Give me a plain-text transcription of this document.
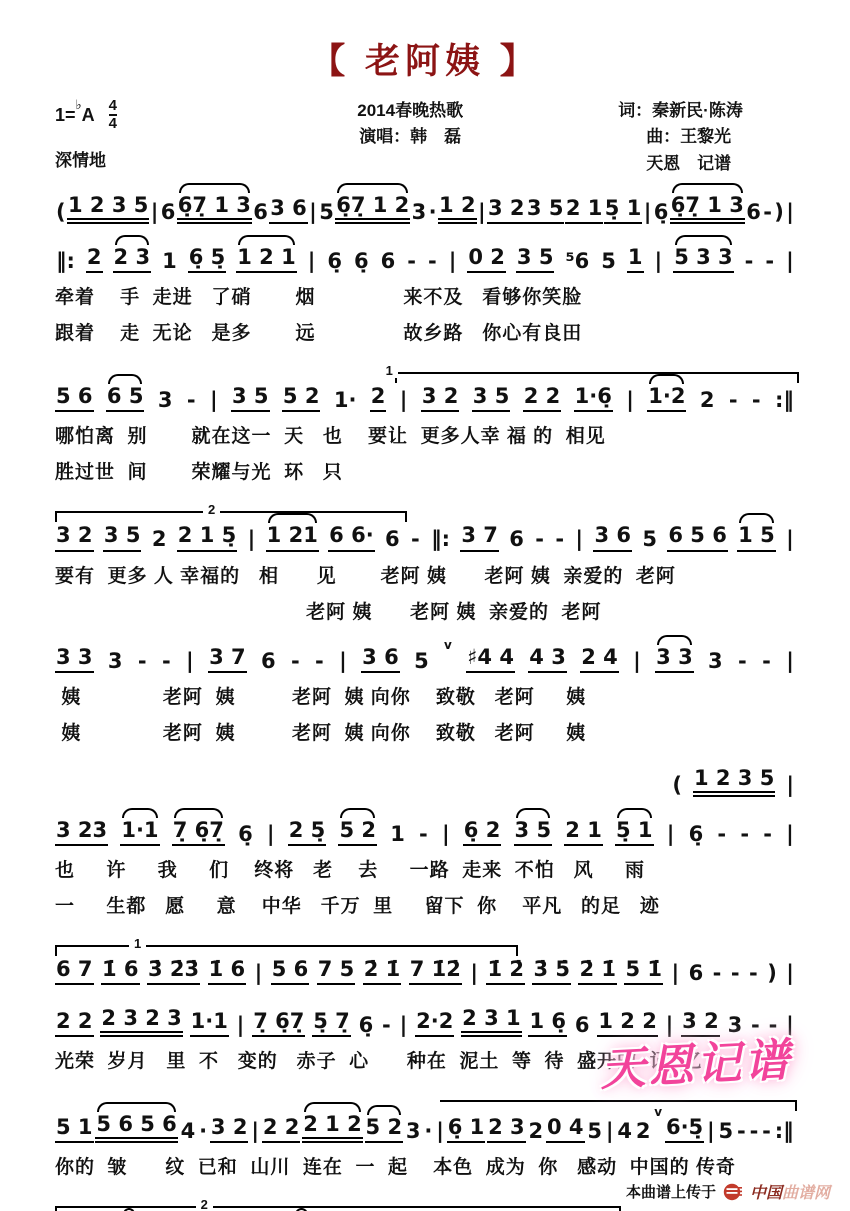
【 老阿姨 】
1=♭A 4
4
深情地
2014春晚热歌
演唱：韩　磊
词：秦新民·陈涛
曲：王黎光
天恩　记谱
( 1 2 3 5 | 6 6̣7̣ 1 3 6 3 6 | 5 6̣7̣ 1 2 3 · 1 2 | 3 2 3 5 2 1 5̣ 1 | 6̣ 6̣7̣ 1 3 6 - ) |
‖: 2 2 3 1 6̣ 5̣ 1 2 1 | 6̣ 6̣ 6 - - | 0 2 3 5 ⁵6 5 1 | 5 3 3 - - |
牵着    手  走进   了硝       烟              来不及   看够你笑脸
跟着    走  无论   是多       远              故乡路   你心有良田
1
5 6 6 5 3 - | 3 5 5 2 1· 2 | 3 2 3 5 2 2 1·6̣ | 1·2 2 - - :‖
哪怕离  别       就在这一  天   也    要让  更多人幸 福 的  相见
胜过世  间       荣耀与光  环   只
2
3 2 3 5 2 2 1 5̣ | 1 21 6 6· 6 - ‖: 3 7 6 - - | 3 6 5 6 5 6 1 5 |
要有  更多 人 幸福的   相      见       老阿 姨      老阿 姨  亲爱的  老阿
老阿 姨      老阿 姨  亲爱的  老阿
3 3 3 - - | 3 7 6 - - | 3 6 5
v ♯4 4 4 3 2 4 | 3 3 3 - - |
姨             老阿  姨         老阿  姨 向你    致敬   老阿     姨
姨             老阿  姨         老阿  姨 向你    致敬   老阿     姨
( 1 2 3 5 |
3 23 1·1 7̣ 6̣7̣ 6̣ | 2 5̣ 5 2 1 - | 6̣ 2 3 5 2 1 5̣ 1 | 6̣ - - - |
也     许     我     们    终将   老    去     一路  走来  不怕   风     雨
一     生都   愿     意    中华   千万  里     留下  你    平凡   的足   迹
1
6 7 1̇ 6 3̇ 2̇3̇ 1̇ 6 | 5 6 7 5 2̇ 1̇ 7 1̇2̇ | 1̇ 2̇ 3̇ 5̇ 2̇ 1̇ 5 1̇ | 6 - - - ) |
2 2 2 3 2 3 1·1 | 7̣ 6̣7̣ 5̣ 7̣ 6̣ - | 2·2 2 3 1 1 6̣ 6 1 2 2 | 3 2 3 - - |
光荣  岁月   里  不   变的   赤子  心      种在  泥土  等  待  盛开的  记  忆
5 1 5 6 5 6 4 · 3 2 | 2 2 2 1 2 5 2 3 · | 6̣ 1 2 3 2 0 4 5 | 4 2
v
6·5̣ | 5 - - - :‖
你的  皱      纹  已和  山川  连在  一  起    本色  成为  你   感动  中国的 传奇
2
天恩记谱
本曲谱上传于 中国曲谱网
